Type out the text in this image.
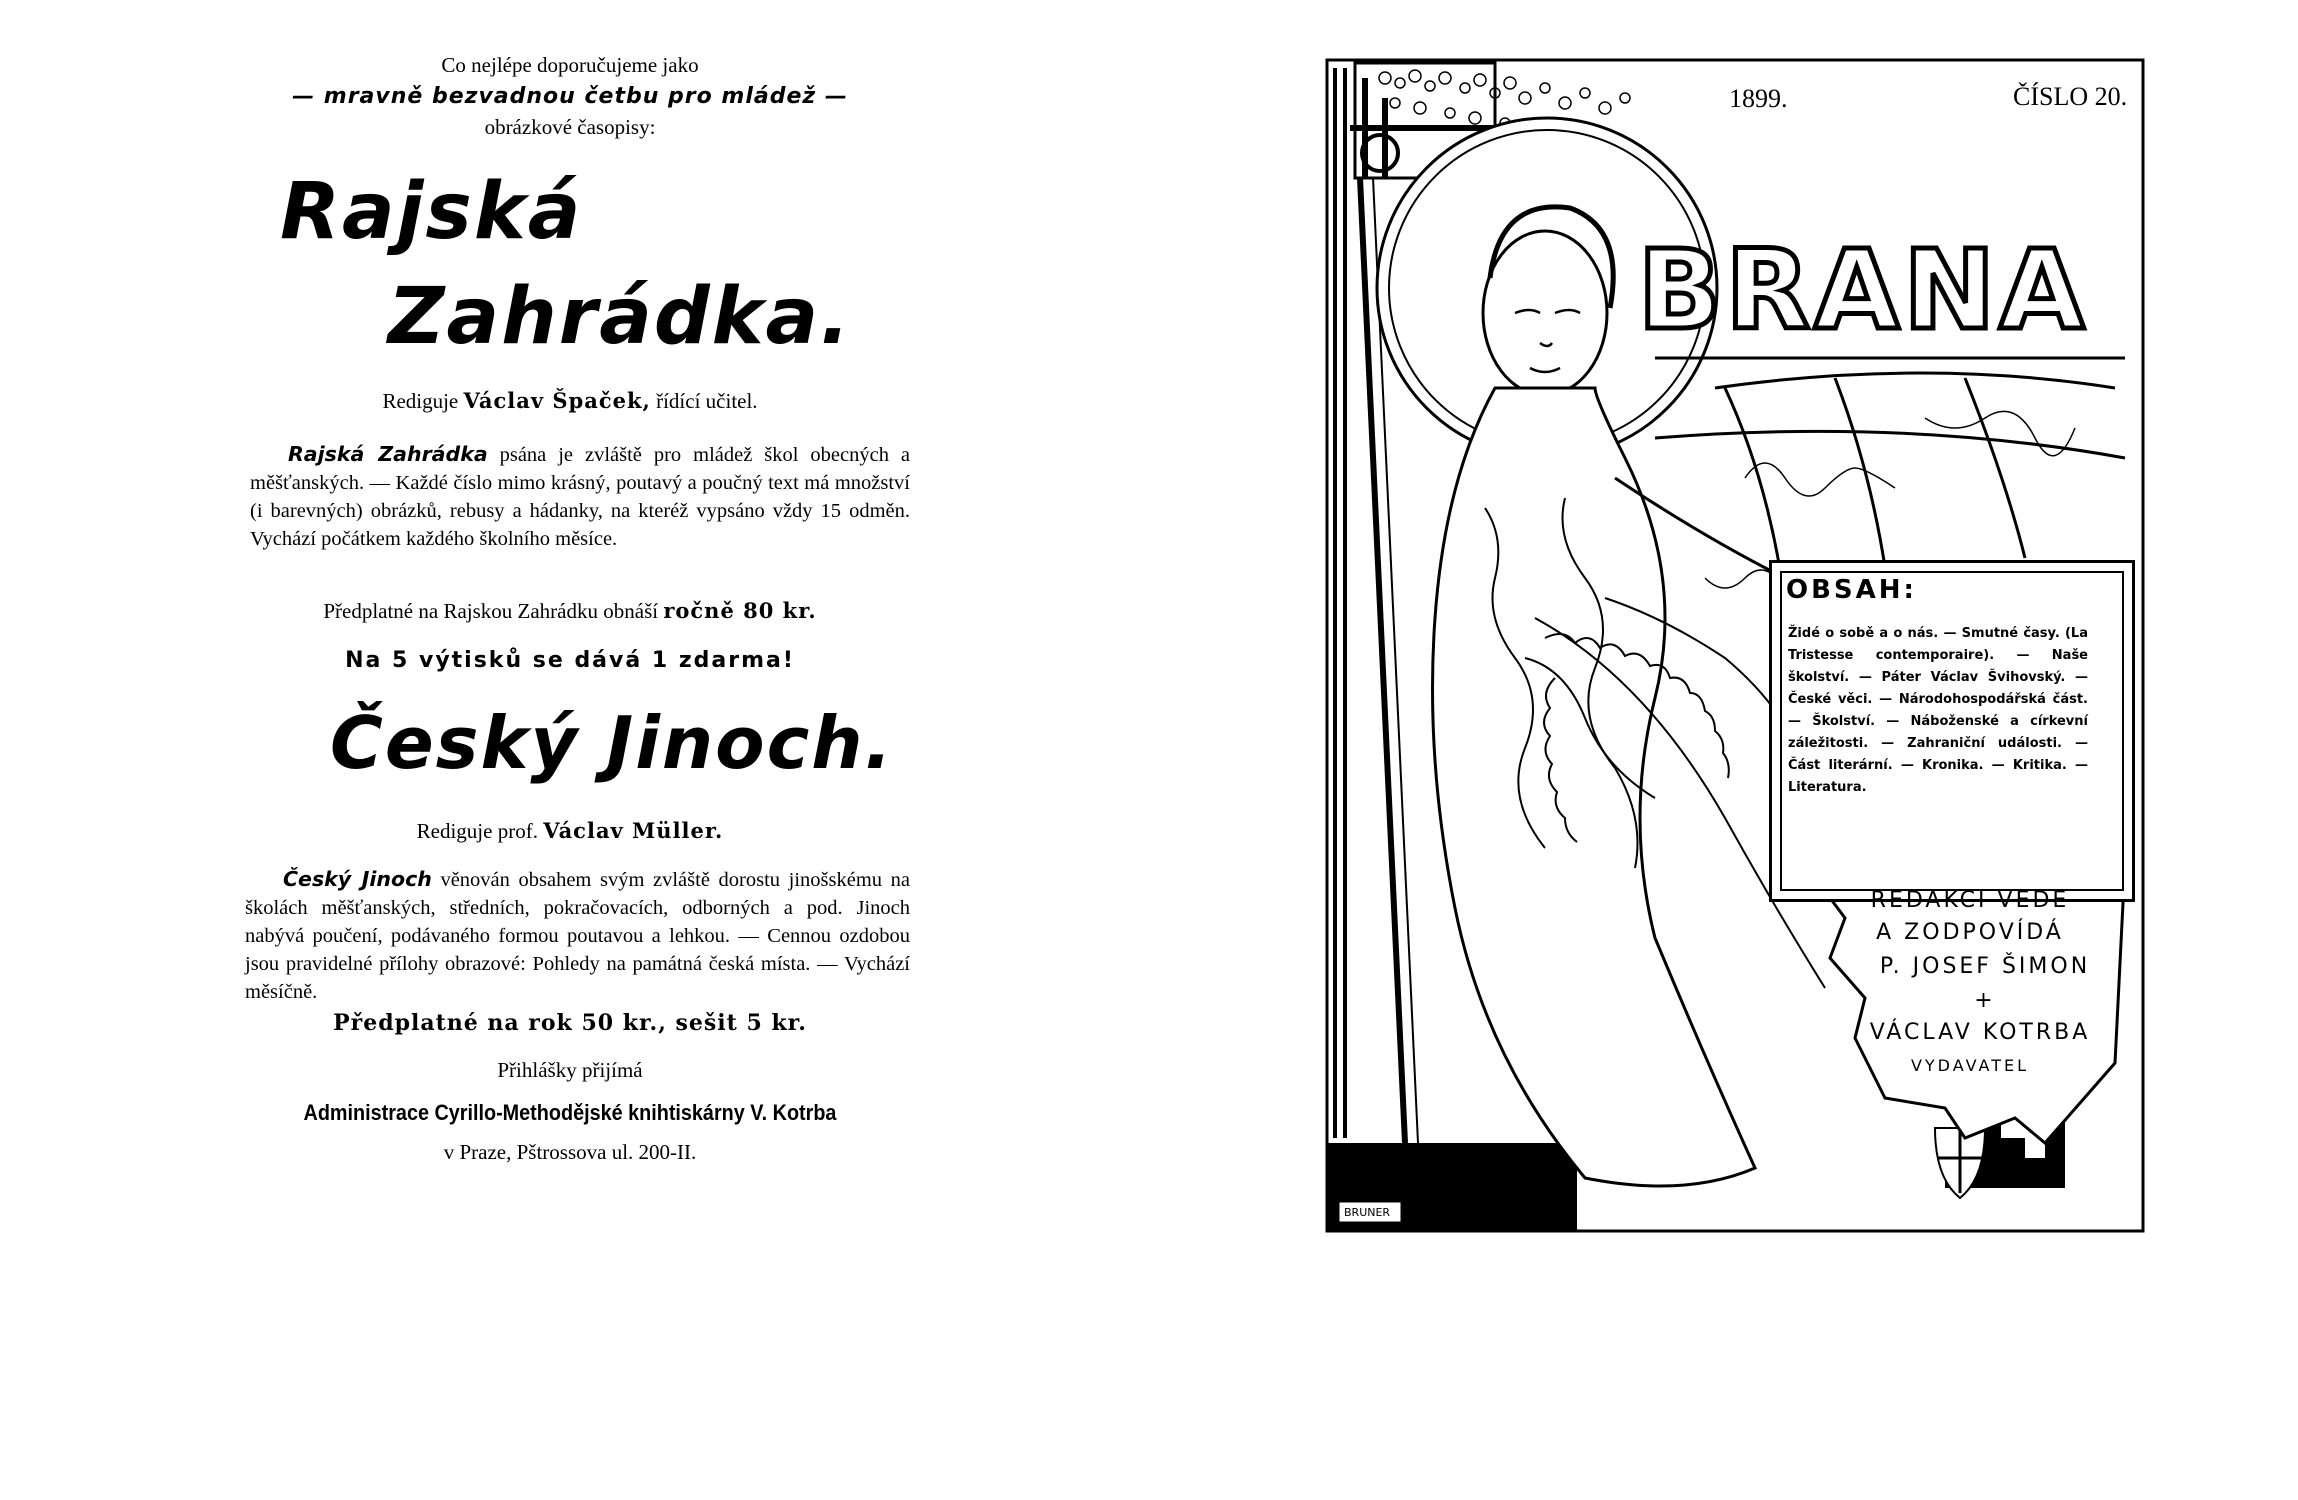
Co nejlépe doporučujeme jako
— mravně bezvadnou četbu pro mládež —
obrázkové časopisy:
Rajská
Zahrádka.
Rediguje Václav Špaček, řídící učitel.
Rajská Zahrádka psána je zvláště pro mládež škol obecných a měšťanských. — Každé číslo mimo krásný, poutavý a poučný text má množství (i barevných) obrázků, rebusy a hádanky, na kteréž vypsáno vždy 15 odměn. Vychází počátkem každého školního měsíce.
Předplatné na Rajskou Zahrádku obnáší ročně 80 kr.
Na 5 výtisků se dává 1 zdarma!
Český Jinoch.
Rediguje prof. Václav Müller.
Český Jinoch věnován obsahem svým zvláště dorostu jinošskému na školách měšťanských, středních, pokračovacích, odborných a pod. Jinoch nabývá poučení, podávaného formou poutavou a lehkou. — Cennou ozdobou jsou pravidelné přílohy obrazové: Pohledy na památná česká místa. — Vychází měsíčně.
Předplatné na rok 50 kr., sešit 5 kr.
Přihlášky přijímá
Administrace Cyrillo-Methodějské knihtiskárny V. Kotrba
v Praze, Pštrossova ul. 200-II.
BRANA
1899.	ČÍSLO 20.
OBSAH:
Židé o sobě a o nás. — Smutné časy. (La Tristesse contemporaire). — Naše školství. — Páter Václav Švihovský. — České věci. — Národohospodářská část. — Školství. — Náboženské a církevní záležitosti. — Zahraniční události. — Část literární. — Kronika. — Kritika. — Literatura.
REDAKCI VEDE
A ZODPOVÍDÁ
P. JOSEF ŠIMON
+
VÁCLAV KOTRBA
VYDAVATEL
BRUNER
